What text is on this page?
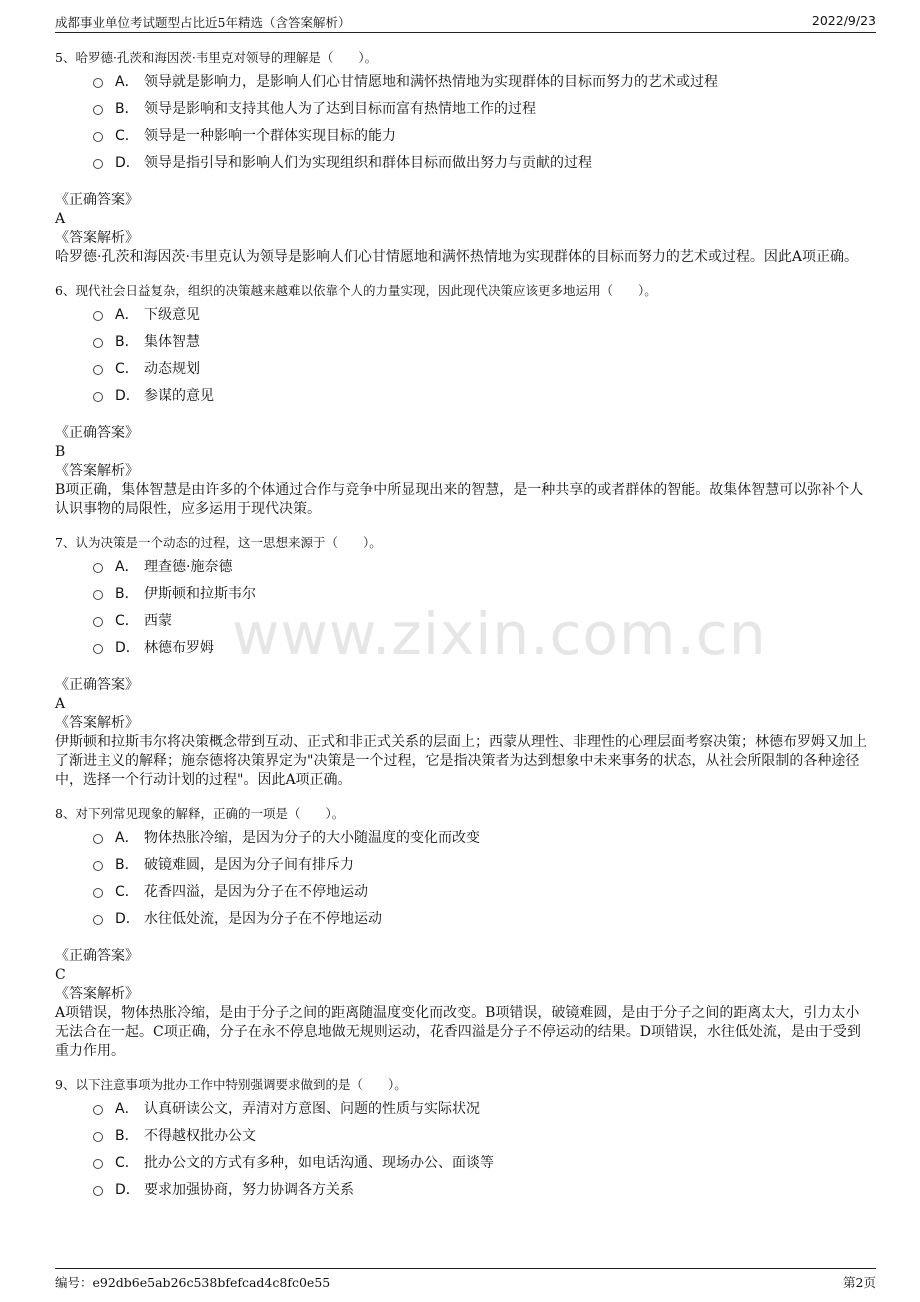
成都事业单位考试题型占比近5年精选（含答案解析）	2022/9/23
www.zixin.com.cn
5、哈罗德·孔茨和海因茨·韦里克对领导的理解是（　　）。
A． 领导就是影响力，是影响人们心甘情愿地和满怀热情地为实现群体的目标而努力的艺术或过程
B． 领导是影响和支持其他人为了达到目标而富有热情地工作的过程
C． 领导是一种影响一个群体实现目标的能力
D． 领导是指引导和影响人们为实现组织和群体目标而做出努力与贡献的过程
《正确答案》
A
《答案解析》
哈罗德·孔茨和海因茨·韦里克认为领导是影响人们心甘情愿地和满怀热情地为实现群体的目标而努力的艺术或过程。因此A项正确。
6、现代社会日益复杂，组织的决策越来越难以依靠个人的力量实现，因此现代决策应该更多地运用（　　）。
A． 下级意见
B． 集体智慧
C． 动态规划
D． 参谋的意见
《正确答案》
B
《答案解析》
B项正确，集体智慧是由许多的个体通过合作与竞争中所显现出来的智慧，是一种共享的或者群体的智能。故集体智慧可以弥补个人认识事物的局限性，应多运用于现代决策。
7、认为决策是一个动态的过程，这一思想来源于（　　）。
A． 理查德·施奈德
B． 伊斯顿和拉斯韦尔
C． 西蒙
D． 林德布罗姆
《正确答案》
A
《答案解析》
伊斯顿和拉斯韦尔将决策概念带到互动、正式和非正式关系的层面上；西蒙从理性、非理性的心理层面考察决策；林德布罗姆又加上了渐进主义的解释；施奈德将决策界定为"决策是一个过程，它是指决策者为达到想象中未来事务的状态，从社会所限制的各种途径中，选择一个行动计划的过程"。因此A项正确。
8、对下列常见现象的解释，正确的一项是（　　）。
A． 物体热胀冷缩，是因为分子的大小随温度的变化而改变
B． 破镜难圆，是因为分子间有排斥力
C． 花香四溢，是因为分子在不停地运动
D． 水往低处流，是因为分子在不停地运动
《正确答案》
C
《答案解析》
A项错误，物体热胀冷缩，是由于分子之间的距离随温度变化而改变。B项错误，破镜难圆，是由于分子之间的距离太大，引力太小无法合在一起。C项正确，分子在永不停息地做无规则运动，花香四溢是分子不停运动的结果。D项错误，水往低处流，是由于受到重力作用。
9、以下注意事项为批办工作中特别强调要求做到的是（　　）。
A． 认真研读公文，弄清对方意图、问题的性质与实际状况
B． 不得越权批办公文
C． 批办公文的方式有多种，如电话沟通、现场办公、面谈等
D． 要求加强协商，努力协调各方关系
编号：e92db6e5ab26c538bfefcad4c8fc0e55	第2页
